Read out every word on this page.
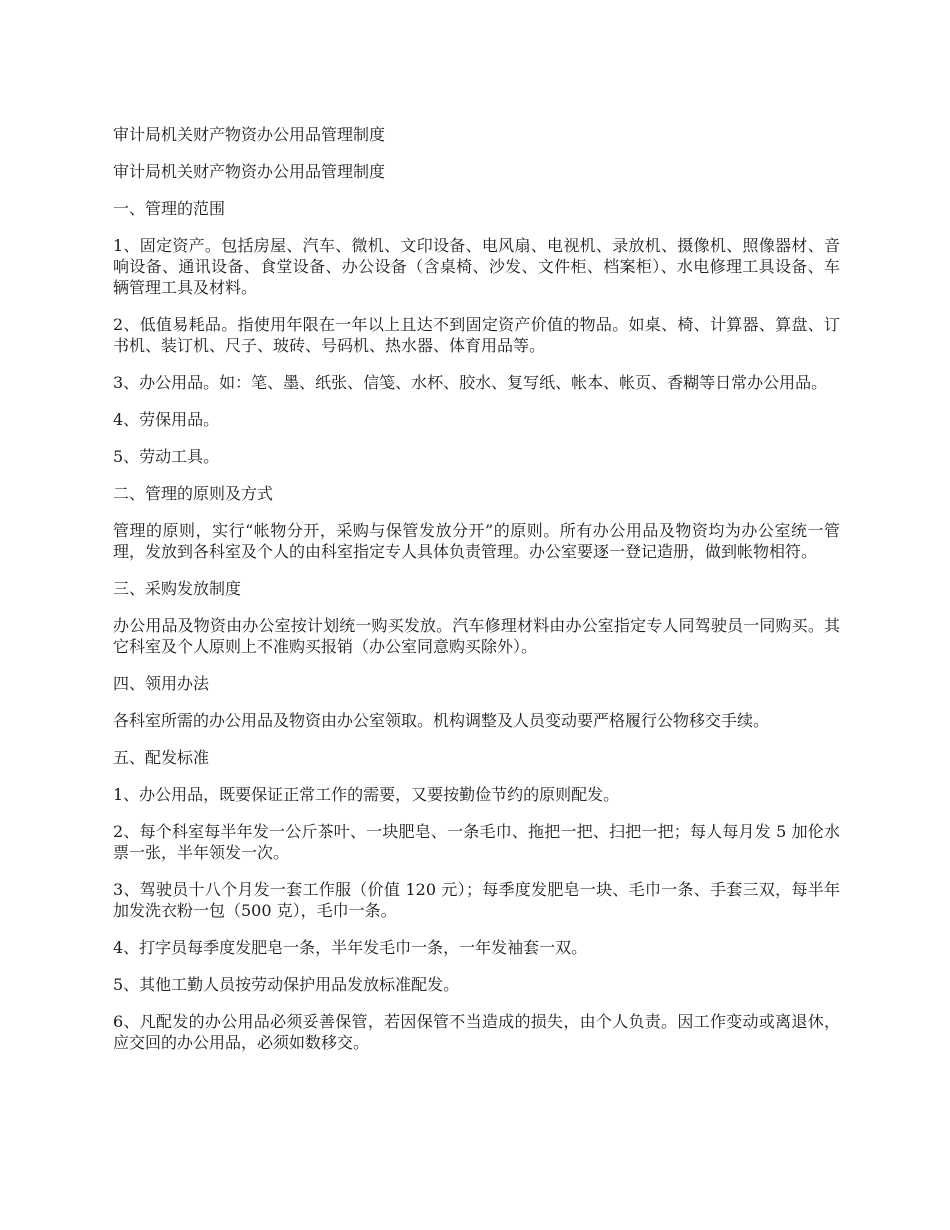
审计局机关财产物资办公用品管理制度

审计局机关财产物资办公用品管理制度

一、管理的范围

1、固定资产。包括房屋、汽车、微机、文印设备、电风扇、电视机、录放机、摄像机、照像器材、音响设备、通讯设备、食堂设备、办公设备（含桌椅、沙发、文件柜、档案柜）、水电修理工具设备、车辆管理工具及材料。

2、低值易耗品。指使用年限在一年以上且达不到固定资产价值的物品。如桌、椅、计算器、算盘、订书机、装订机、尺子、玻砖、号码机、热水器、体育用品等。

3、办公用品。如：笔、墨、纸张、信笺、水杯、胶水、复写纸、帐本、帐页、香糊等日常办公用品。

4、劳保用品。

5、劳动工具。

二、管理的原则及方式

管理的原则，实行“帐物分开，采购与保管发放分开”的原则。所有办公用品及物资均为办公室统一管理，发放到各科室及个人的由科室指定专人具体负责管理。办公室要逐一登记造册，做到帐物相符。

三、采购发放制度

办公用品及物资由办公室按计划统一购买发放。汽车修理材料由办公室指定专人同驾驶员一同购买。其它科室及个人原则上不准购买报销（办公室同意购买除外）。

四、领用办法

各科室所需的办公用品及物资由办公室领取。机构调整及人员变动要严格履行公物移交手续。

五、配发标准

1、办公用品，既要保证正常工作的需要，又要按勤俭节约的原则配发。

2、每个科室每半年发一公斤茶叶、一块肥皂、一条毛巾、拖把一把、扫把一把；每人每月发 5 加伦水票一张，半年领发一次。

3、驾驶员十八个月发一套工作服（价值 120 元）；每季度发肥皂一块、毛巾一条、手套三双，每半年加发洗衣粉一包（500 克），毛巾一条。

4、打字员每季度发肥皂一条，半年发毛巾一条，一年发袖套一双。

5、其他工勤人员按劳动保护用品发放标准配发。

6、凡配发的办公用品必须妥善保管，若因保管不当造成的损失，由个人负责。因工作变动或离退休，应交回的办公用品，必须如数移交。
